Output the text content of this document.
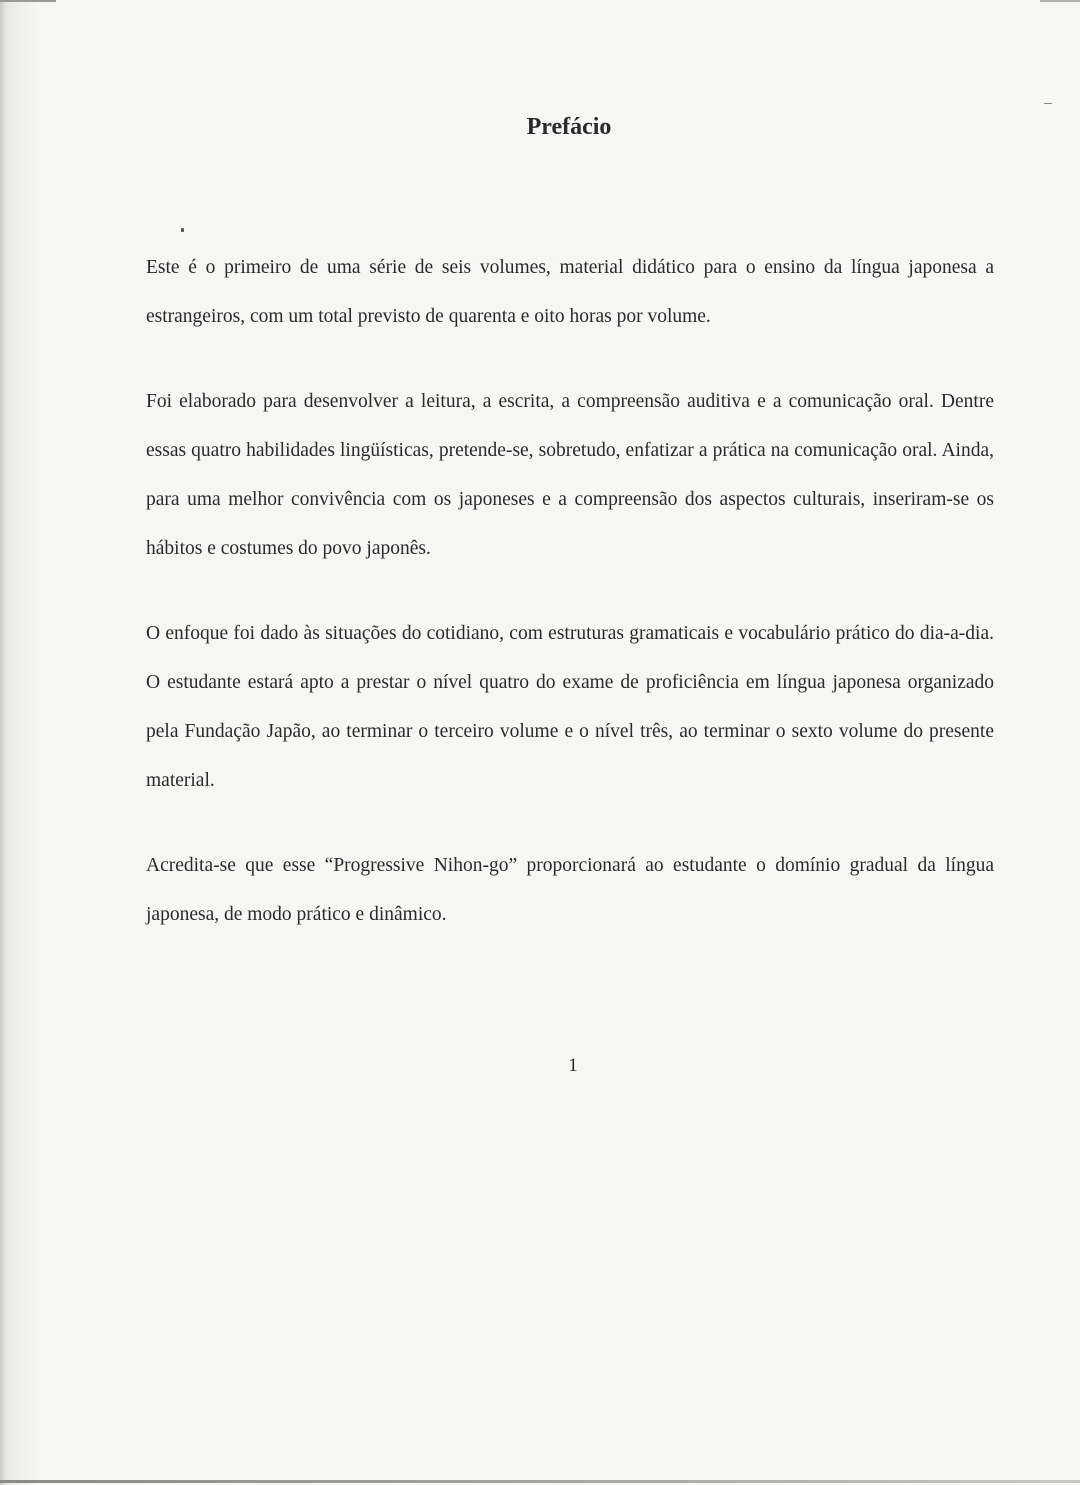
Prefácio

Este é o primeiro de uma série de seis volumes, material didático para o ensino da língua japonesa a estrangeiros, com um total previsto de quarenta e oito horas por volume.

Foi elaborado para desenvolver a leitura, a escrita, a compreensão auditiva e a comunicação oral. Dentre essas quatro habilidades lingüísticas, pretende-se, sobretudo, enfatizar a prática na comunicação oral. Ainda, para uma melhor convivência com os japoneses e a compreensão dos aspectos culturais, inseriram-se os hábitos e costumes do povo japonês.

O enfoque foi dado às situações do cotidiano, com estruturas gramaticais e vocabulário prático do dia-a-dia. O estudante estará apto a prestar o nível quatro do exame de proficiência em língua japonesa organizado pela Fundação Japão, ao terminar o terceiro volume e o nível três, ao terminar o sexto volume do presente material.

Acredita-se que esse “Progressive Nihon-go” proporcionará ao estudante o domínio gradual da língua japonesa, de modo prático e dinâmico.

1
